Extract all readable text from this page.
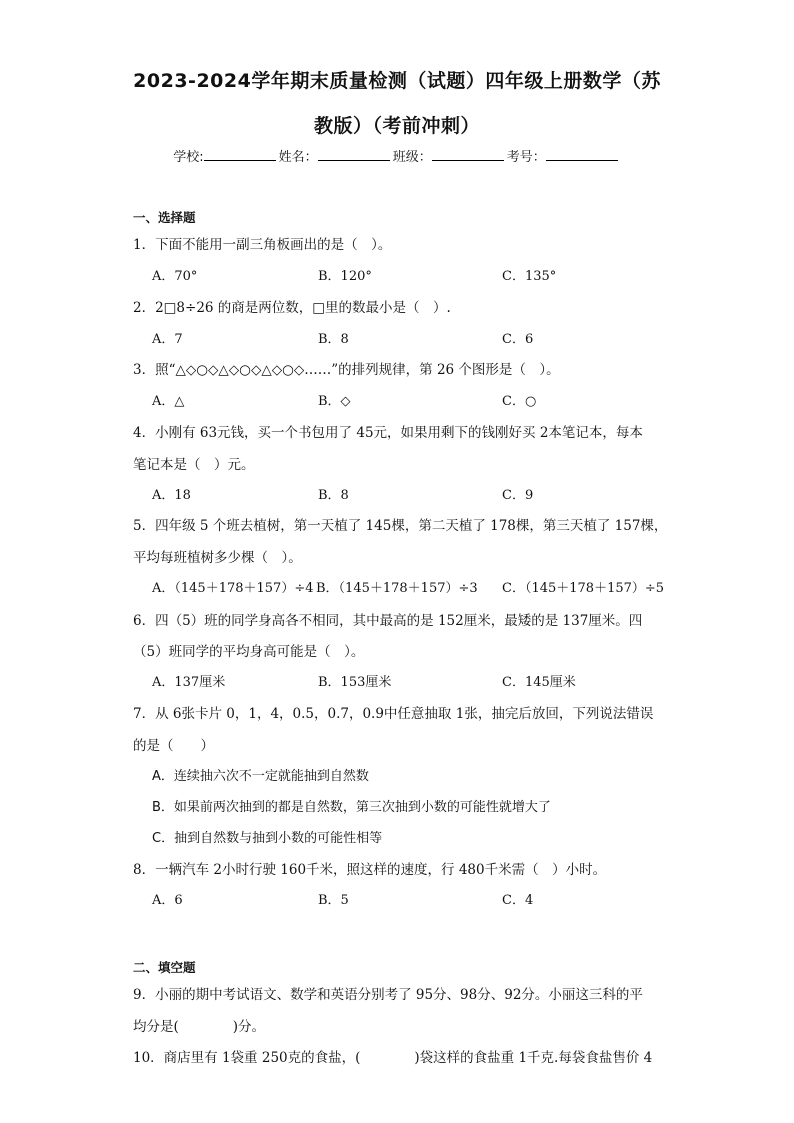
2023-2024学年期末质量检测（试题）四年级上册数学（苏
教版）（考前冲刺）
学校:	姓名：	班级：	考号：
一、选择题
1．下面不能用一副三角板画出的是（　）。
A．70°	B．120°	C．135°
2．2□8÷26 的商是两位数，□里的数最小是（　）.
A．7	B．8	C．6
3．照“△◇○◇△◇○◇△◇○◇……”的排列规律，第 26 个图形是（　）。
A．△	B．◇	C．○
4．小刚有 63元钱，买一个书包用了 45元，如果用剩下的钱刚好买 2本笔记本，每本
笔记本是（　）元。
A．18	B．8	C．9
5．四年级 5 个班去植树，第一天植了 145棵，第二天植了 178棵，第三天植了 157棵，
平均每班植树多少棵（　）。
A．（145＋178＋157）÷4 B．（145＋178＋157）÷3 C．（145＋178＋157）÷5
6．四（5）班的同学身高各不相同，其中最高的是 152厘米，最矮的是 137厘米。四
（5）班同学的平均身高可能是（　）。
A．137厘米	B．153厘米	C．145厘米
7．从 6张卡片 0，1，4，0.5，0.7，0.9中任意抽取 1张，抽完后放回，下列说法错误
的是（　　）
A．连续抽六次不一定就能抽到自然数
B．如果前两次抽到的都是自然数，第三次抽到小数的可能性就增大了
C．抽到自然数与抽到小数的可能性相等
8．一辆汽车 2小时行驶 160千米，照这样的速度，行 480千米需（　）小时。
A．6	B．5	C．4
二、填空题
9．小丽的期中考试语文、数学和英语分别考了 95分、98分、92分。小丽这三科的平
均分是(　　　　)分。
10．商店里有 1袋重 250克的食盐，(　　　　)袋这样的食盐重 1千克.每袋食盐售价 4
